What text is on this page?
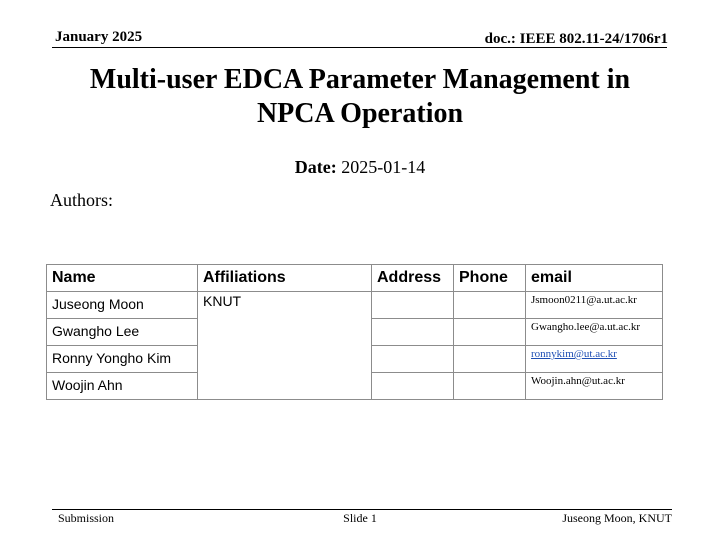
January 2025	doc.: IEEE 802.11-24/1706r1
Multi-user EDCA Parameter Management in
NPCA Operation
Date: 2025-01-14
Authors:
Name	Affiliations	Address	Phone	email
Juseong Moon	KNUT			Jsmoon0211@a.ut.ac.kr
Gwangho Lee				Gwangho.lee@a.ut.ac.kr
Ronny Yongho Kim				ronnykim@ut.ac.kr
Woojin Ahn				Woojin.ahn@ut.ac.kr
Submission	Slide 1	Juseong Moon, KNUT
